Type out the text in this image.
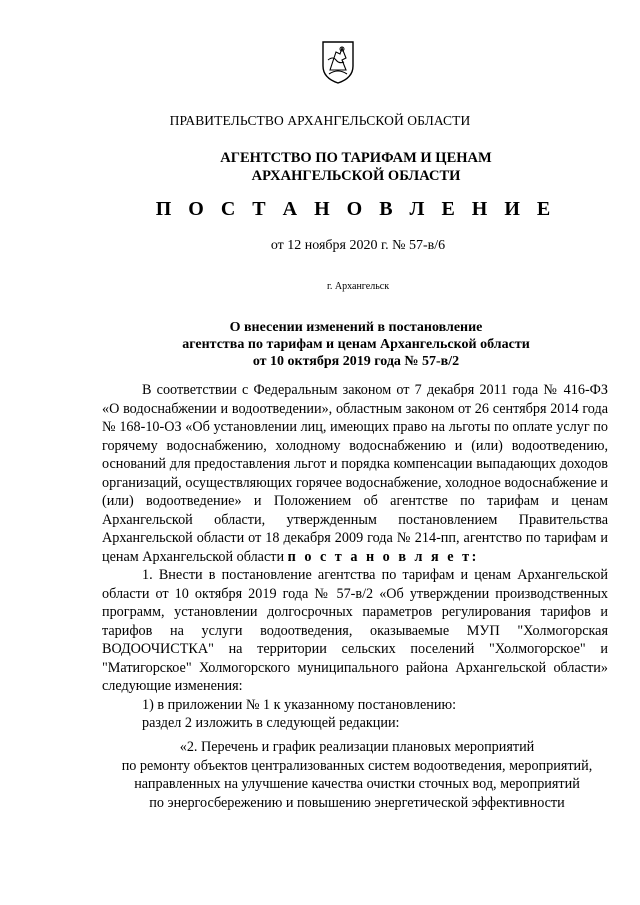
ПРАВИТЕЛЬСТВО АРХАНГЕЛЬСКОЙ ОБЛАСТИ
АГЕНТСТВО ПО ТАРИФАМ И ЦЕНАМ
АРХАНГЕЛЬСКОЙ ОБЛАСТИ
П О С Т А Н О В Л Е Н И Е
от 12 ноября 2020 г. № 57-в/6
г. Архангельск
О внесении изменений в постановление
агентства по тарифам и ценам Архангельской области
от 10 октября 2019 года № 57-в/2

В соответствии с Федеральным законом от 7 декабря 2011 года № 416-ФЗ «О водоснабжении и водоотведении», областным законом от 26 сентября 2014 года № 168-10-ОЗ «Об установлении лиц, имеющих право на льготы по оплате услуг по горячему водоснабжению, холодному водоснабжению и (или) водоотведению, оснований для предоставления льгот и порядка компенсации выпадающих доходов организаций, осуществляющих горячее водоснабжение, холодное водоснабжение и (или) водоотведение» и Положением об агентстве по тарифам и ценам Архангельской области, утвержденным постановлением Правительства Архангельской области от 18 декабря 2009 года № 214-пп, агентство по тарифам и ценам Архангельской области п о с т а н о в л я е т:

1. Внести в постановление агентства по тарифам и ценам Архангельской области от 10 октября 2019 года № 57-в/2 «Об утверждении производственных программ, установлении долгосрочных параметров регулирования тарифов и тарифов на услуги водоотведения, оказываемые МУП "Холмогорская ВОДООЧИСТКА" на территории сельских поселений "Холмогорское" и "Матигорское" Холмогорского муниципального района Архангельской области» следующие изменения:

1) в приложении № 1 к указанному постановлению:

раздел 2 изложить в следующей редакции:

«2. Перечень и график реализации плановых мероприятий
по ремонту объектов централизованных систем водоотведения, мероприятий,
направленных на улучшение качества очистки сточных вод, мероприятий
по энергосбережению и повышению энергетической эффективности
